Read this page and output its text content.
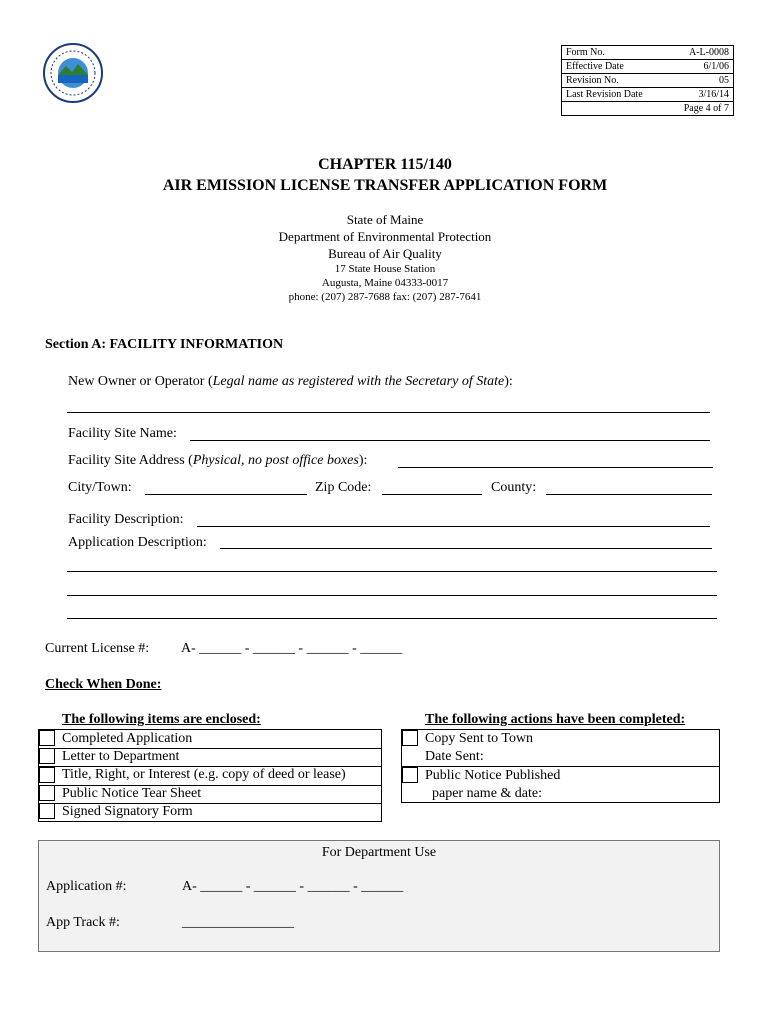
Form No.	A-L-0008
Effective Date	6/1/06
Revision No.	05
Last Revision Date	3/16/14
Page 4 of 7
CHAPTER 115/140
AIR EMISSION LICENSE TRANSFER APPLICATION FORM
State of Maine
Department of Environmental Protection
Bureau of Air Quality
17 State House Station
Augusta, Maine 04333-0017
phone: (207) 287-7688 fax: (207) 287-7641
Section A: FACILITY INFORMATION
New Owner or Operator (Legal name as registered with the Secretary of State):
Facility Site Name:
Facility Site Address (Physical, no post office boxes):
City/Town:	Zip Code:	County:
Facility Description:
Application Description:
Current License #: A- ______ - ______ - ______ - ______
Check When Done:
The following items are enclosed:
Completed Application
Letter to Department
Title, Right, or Interest (e.g. copy of deed or lease)
Public Notice Tear Sheet
Signed Signatory Form
The following actions have been completed:
Copy Sent to Town
Date Sent:
Public Notice Published
paper name & date:
For Department Use
Application #:	A- ______ - ______ - ______ - ______
App Track #:	________________
